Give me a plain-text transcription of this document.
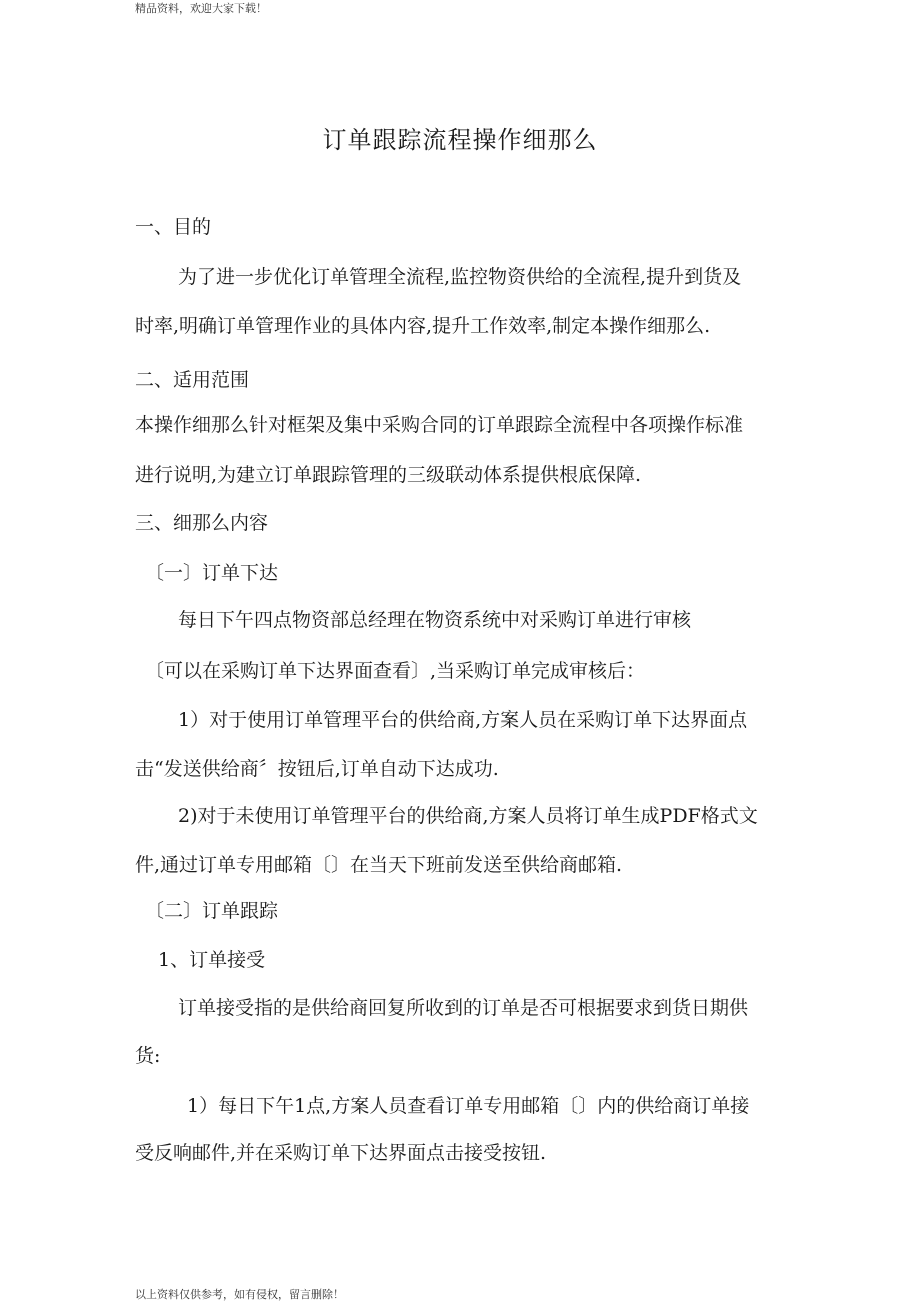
精品资料，欢迎大家下载！
订单跟踪流程操作细那么
一、目的
为了进一步优化订单管理全流程,监控物资供给的全流程,提升到货及
时率,明确订单管理作业的具体内容,提升工作效率,制定本操作细那么.
二、适用范围
本操作细那么针对框架及集中采购合同的订单跟踪全流程中各项操作标准
进行说明,为建立订单跟踪管理的三级联动体系提供根底保障.
三、细那么内容
〔一〕订单下达
每日下午四点物资部总经理在物资系统中对采购订单进行审核
〔可以在采购订单下达界面查看〕,当采购订单完成审核后：
1）对于使用订单管理平台的供给商,方案人员在采购订单下达界面点
击“发送供给商〞按钮后,订单自动下达成功.
2)对于未使用订单管理平台的供给商,方案人员将订单生成PDF格式文
件,通过订单专用邮箱〔〕在当天下班前发送至供给商邮箱.
〔二〕订单跟踪
1、订单接受
订单接受指的是供给商回复所收到的订单是否可根据要求到货日期供
货:
1）每日下午1点,方案人员查看订单专用邮箱〔〕内的供给商订单接
受反响邮件,并在采购订单下达界面点击接受按钮.
以上资料仅供参考，如有侵权，留言删除！
